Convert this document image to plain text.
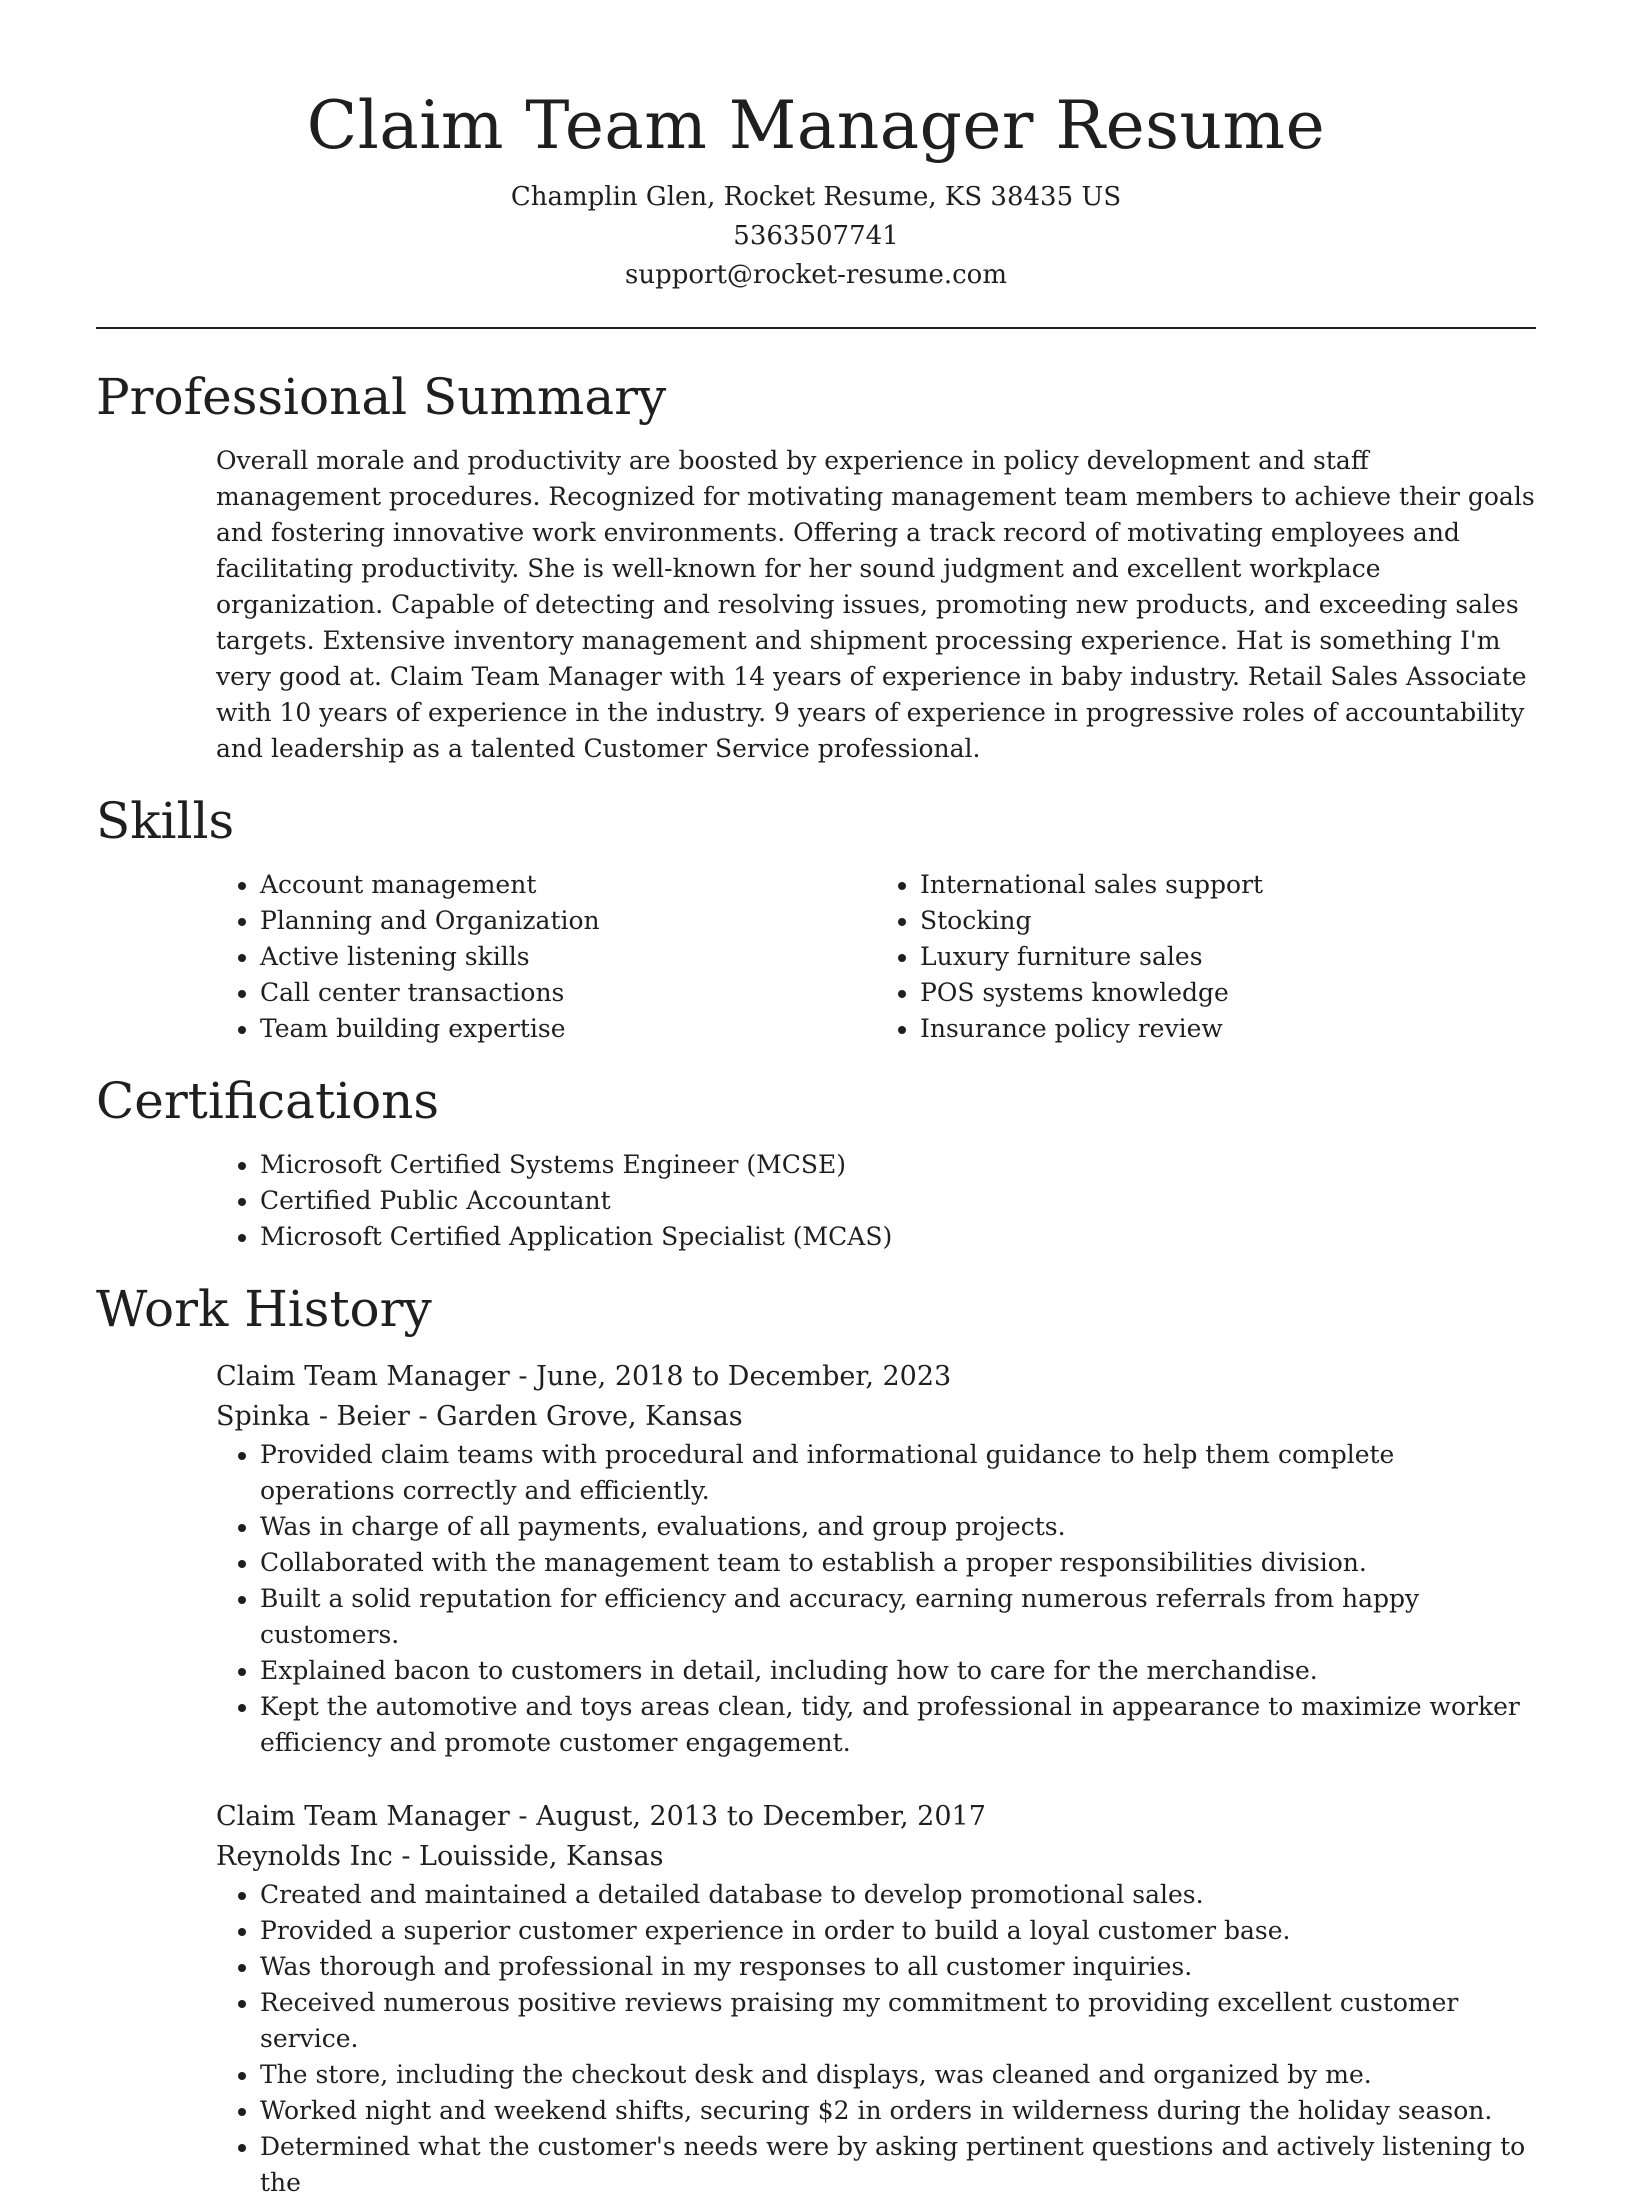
Claim Team Manager Resume
Champlin Glen, Rocket Resume, KS 38435 US
5363507741
support@rocket-resume.com
Professional Summary
Overall morale and productivity are boosted by experience in policy development and staff management procedures. Recognized for motivating management team members to achieve their goals and fostering innovative work environments. Offering a track record of motivating employees and facilitating productivity. She is well-known for her sound judgment and excellent workplace organization. Capable of detecting and resolving issues, promoting new products, and exceeding sales targets. Extensive inventory management and shipment processing experience. Hat is something I'm very good at. Claim Team Manager with 14 years of experience in baby industry. Retail Sales Associate with 10 years of experience in the industry. 9 years of experience in progressive roles of accountability and leadership as a talented Customer Service professional.
Skills
• Account management
• Planning and Organization
• Active listening skills
• Call center transactions
• Team building expertise
• International sales support
• Stocking
• Luxury furniture sales
• POS systems knowledge
• Insurance policy review
Certifications
• Microsoft Certified Systems Engineer (MCSE)
• Certified Public Accountant
• Microsoft Certified Application Specialist (MCAS)
Work History
Claim Team Manager - June, 2018 to December, 2023
Spinka - Beier - Garden Grove, Kansas
• Provided claim teams with procedural and informational guidance to help them complete operations correctly and efficiently.
• Was in charge of all payments, evaluations, and group projects.
• Collaborated with the management team to establish a proper responsibilities division.
• Built a solid reputation for efficiency and accuracy, earning numerous referrals from happy customers.
• Explained bacon to customers in detail, including how to care for the merchandise.
• Kept the automotive and toys areas clean, tidy, and professional in appearance to maximize worker efficiency and promote customer engagement.
Claim Team Manager - August, 2013 to December, 2017
Reynolds Inc - Louisside, Kansas
• Created and maintained a detailed database to develop promotional sales.
• Provided a superior customer experience in order to build a loyal customer base.
• Was thorough and professional in my responses to all customer inquiries.
• Received numerous positive reviews praising my commitment to providing excellent customer service.
• The store, including the checkout desk and displays, was cleaned and organized by me.
• Worked night and weekend shifts, securing $2 in orders in wilderness during the holiday season.
• Determined what the customer's needs were by asking pertinent questions and actively listening to the
